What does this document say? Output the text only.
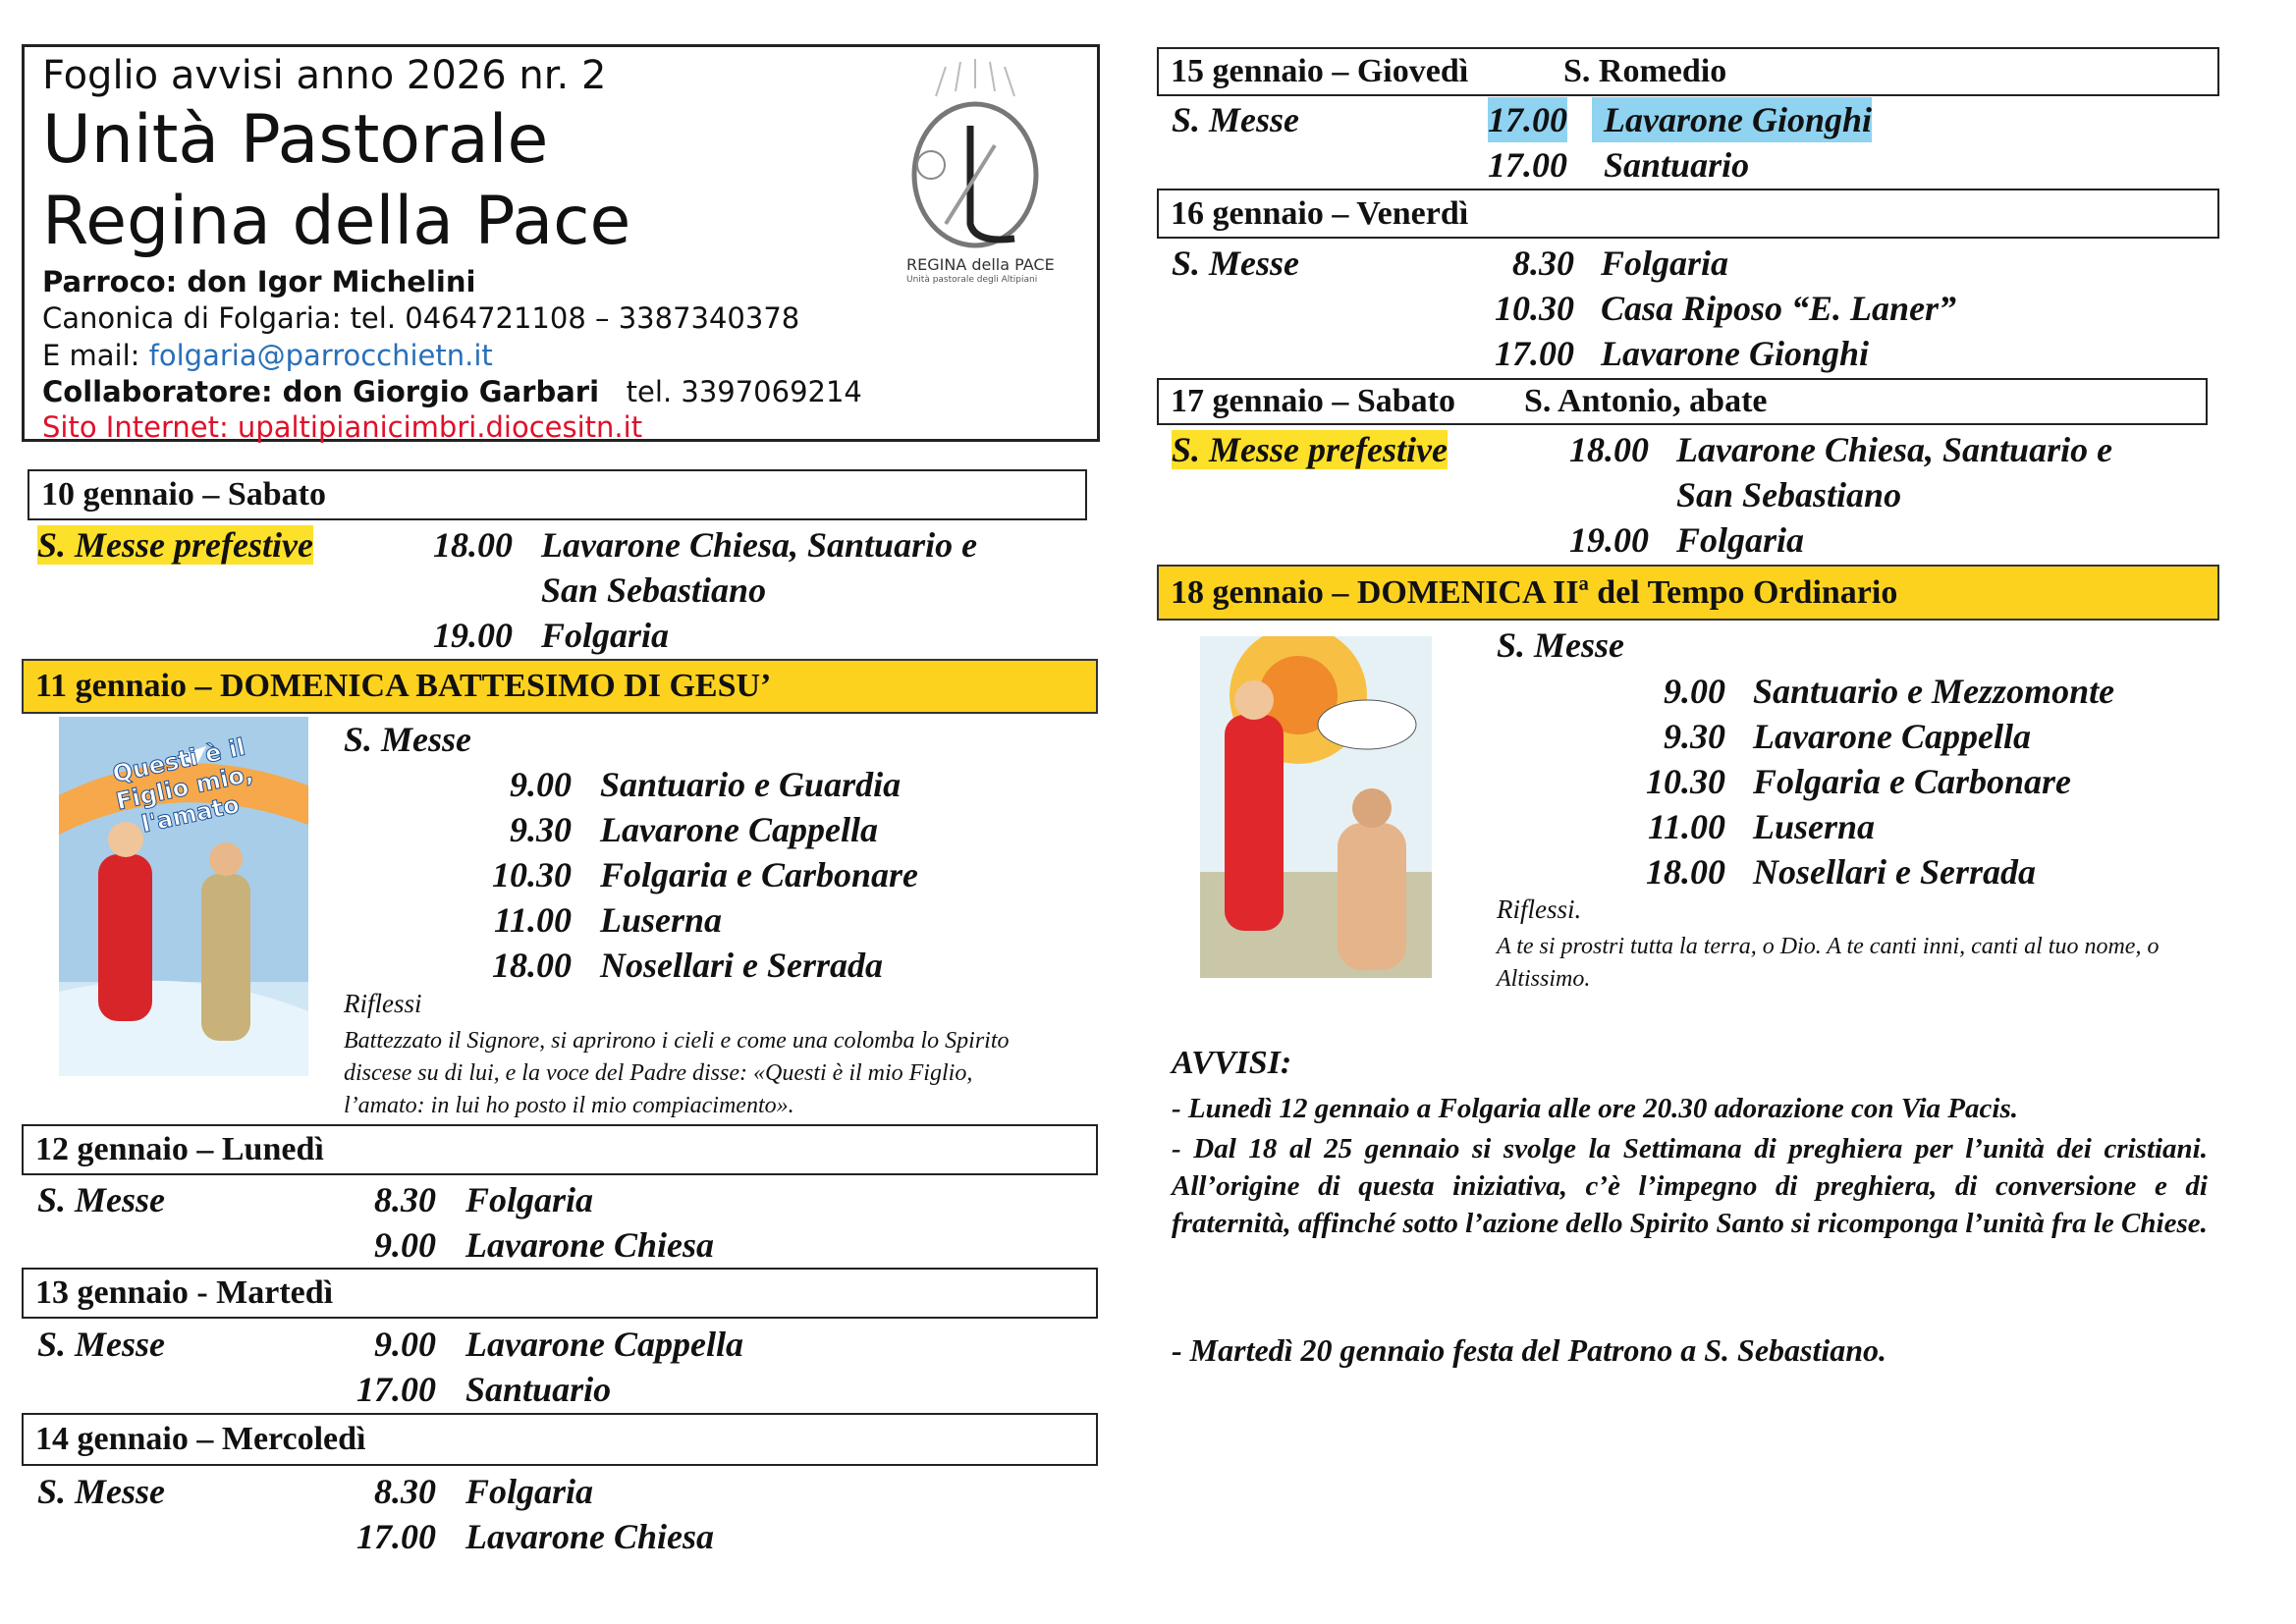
Foglio avvisi anno 2026 nr. 2
Unità Pastorale
Regina della Pace
Parroco: don Igor Michelini
Canonica di Folgaria: tel. 0464721108 – 3387340378
E mail: folgaria@parrocchietn.it
Collaboratore: don Giorgio Garbari tel. 3397069214
Sito Internet: upaltipianicimbri.diocesitn.it
REGINA della PACE
Unità pastorale degli Altipiani
10 gennaio – Sabato
S. Messe prefestive	18.00 Lavarone Chiesa, Santuario e
San Sebastiano
19.00 Folgaria
11 gennaio – DOMENICA BATTESIMO DI GESU’
S. Messe
9.00 Santuario e Guardia
9.30 Lavarone Cappella
10.30 Folgaria e Carbonare
11.00 Luserna
18.00 Nosellari e Serrada
Riflessi
Battezzato il Signore, si aprirono i cieli e come una colomba lo Spirito discese su di lui, e la voce del Padre disse: «Questi è il mio Figlio, l’amato: in lui ho posto il mio compiacimento».
12 gennaio – Lunedì
S. Messe	8.30 Folgaria
9.00 Lavarone Chiesa
13 gennaio - Martedì
S. Messe	9.00 Lavarone Cappella
17.00 Santuario
14 gennaio – Mercoledì
S. Messe	8.30 Folgaria
17.00 Lavarone Chiesa
15 gennaio – Giovedì	S. Romedio
S. Messe	17.00	Lavarone Gionghi
17.00 Santuario
16 gennaio – Venerdì
S. Messe	8.30 Folgaria
10.30 Casa Riposo “E. Laner”
17.00 Lavarone Gionghi
17 gennaio – Sabato S. Antonio, abate
S. Messe prefestive	18.00 Lavarone Chiesa, Santuario e
San Sebastiano
19.00 Folgaria
18 gennaio – DOMENICA IIª del Tempo Ordinario
S. Messe
9.00 Santuario e Mezzomonte
9.30 Lavarone Cappella
10.30 Folgaria e Carbonare
11.00 Luserna
18.00 Nosellari e Serrada
Riflessi.
A te si prostri tutta la terra, o Dio. A te canti inni, canti al tuo nome, o Altissimo.
Questi è il Figlio mio, l'amato
AVVISI:
- Lunedì 12 gennaio a Folgaria alle ore 20.30 adorazione con Via Pacis.
- Dal 18 al 25 gennaio si svolge la Settimana di preghiera per l’unità dei cristiani. All’origine di questa iniziativa, c’è l’impegno di preghiera, di conversione e di fraternità, affinché sotto l’azione dello Spirito Santo si ricomponga l’unità fra le Chiese.
- Martedì 20 gennaio festa del Patrono a S. Sebastiano.
